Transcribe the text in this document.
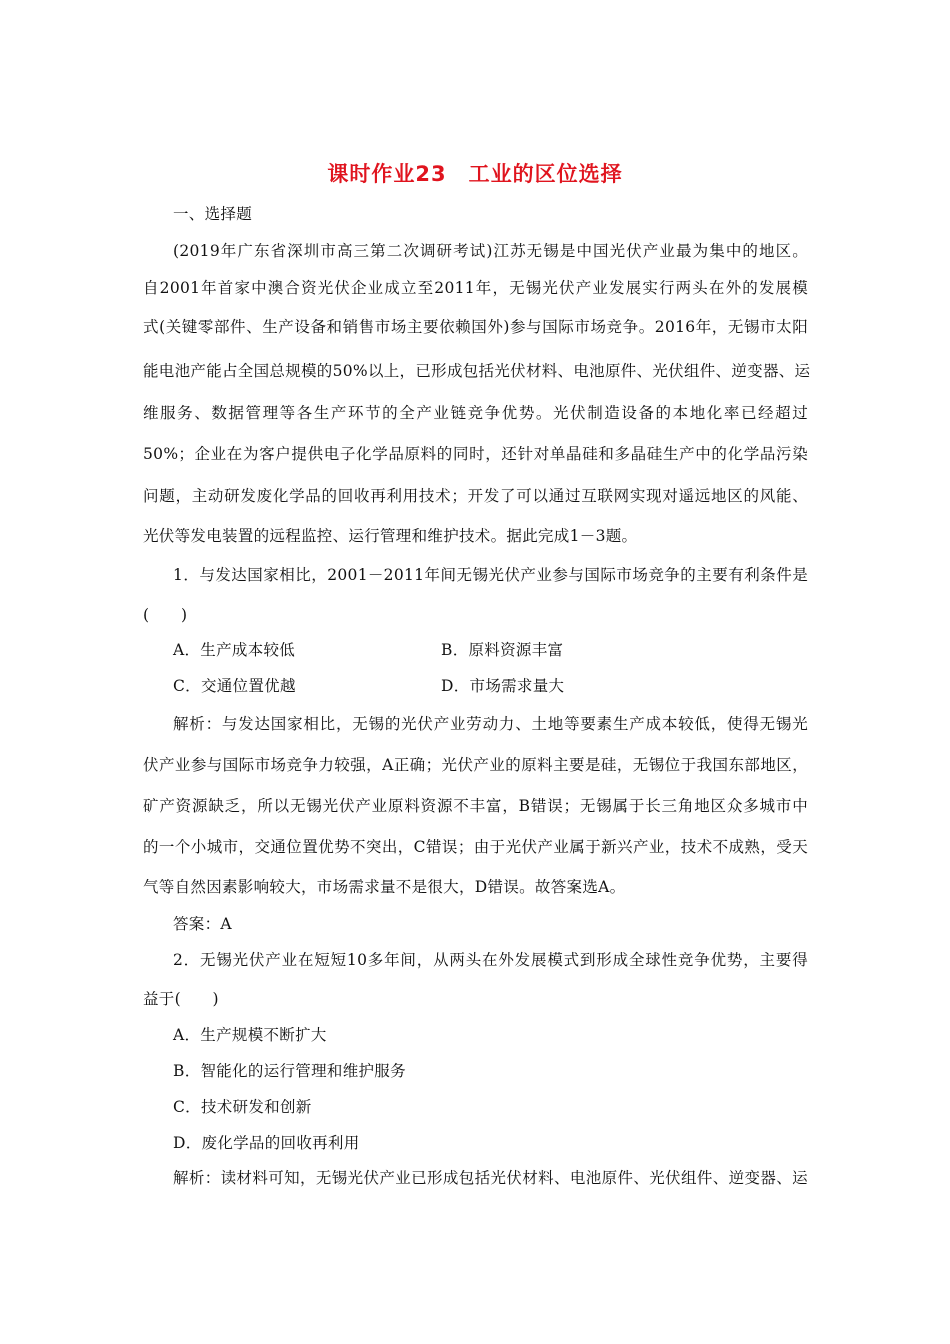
课时作业23　工业的区位选择
一、选择题
(2019年广东省深圳市高三第二次调研考试)江苏无锡是中国光伏产业最为集中的地区。
自2001年首家中澳合资光伏企业成立至2011年，无锡光伏产业发展实行两头在外的发展模
式(关键零部件、生产设备和销售市场主要依赖国外)参与国际市场竞争。2016年，无锡市太阳
能电池产能占全国总规模的50%以上，已形成包括光伏材料、电池原件、光伏组件、逆变器、运
维服务、数据管理等各生产环节的全产业链竞争优势。光伏制造设备的本地化率已经超过
50%；企业在为客户提供电子化学品原料的同时，还针对单晶硅和多晶硅生产中的化学品污染
问题，主动研发废化学品的回收再利用技术；开发了可以通过互联网实现对遥远地区的风能、
光伏等发电装置的远程监控、运行管理和维护技术。据此完成1－3题。
1．与发达国家相比，2001－2011年间无锡光伏产业参与国际市场竞争的主要有利条件是
(　　)
A．生产成本较低	B．原料资源丰富
C．交通位置优越	D．市场需求量大
解析：与发达国家相比，无锡的光伏产业劳动力、土地等要素生产成本较低，使得无锡光
伏产业参与国际市场竞争力较强，A正确；光伏产业的原料主要是硅，无锡位于我国东部地区，
矿产资源缺乏，所以无锡光伏产业原料资源不丰富，B错误；无锡属于长三角地区众多城市中
的一个小城市，交通位置优势不突出，C错误；由于光伏产业属于新兴产业，技术不成熟，受天
气等自然因素影响较大，市场需求量不是很大，D错误。故答案选A。
答案：A
2．无锡光伏产业在短短10多年间，从两头在外发展模式到形成全球性竞争优势，主要得
益于(　　)
A．生产规模不断扩大
B．智能化的运行管理和维护服务
C．技术研发和创新
D．废化学品的回收再利用
解析：读材料可知，无锡光伏产业已形成包括光伏材料、电池原件、光伏组件、逆变器、运
